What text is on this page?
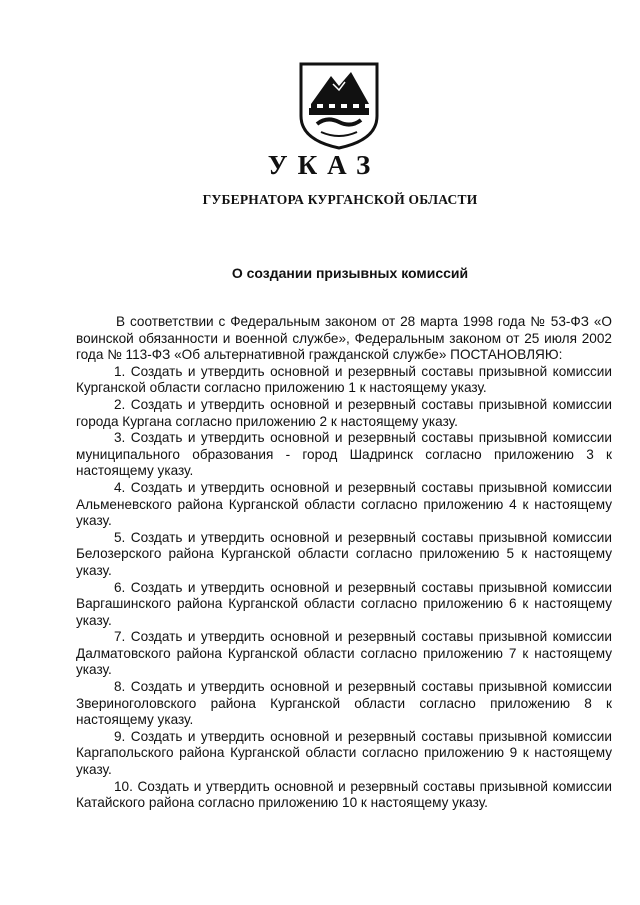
УКАЗ
ГУБЕРНАТОРА КУРГАНСКОЙ ОБЛАСТИ
О создании призывных комиссий

В соответствии с Федеральным законом от 28 марта 1998 года № 53-ФЗ «О воинской обязанности и военной службе», Федеральным законом от 25 июля 2002 года № 113-ФЗ «Об альтернативной гражданской службе» ПОСТАНОВЛЯЮ:

1. Создать и утвердить основной и резервный составы призывной комиссии Курганской области согласно приложению 1 к настоящему указу.

2. Создать и утвердить основной и резервный составы призывной комиссии города Кургана согласно приложению 2 к настоящему указу.

3. Создать и утвердить основной и резервный составы призывной комиссии муниципального образования - город Шадринск согласно приложению 3 к настоящему указу.

4. Создать и утвердить основной и резервный составы призывной комиссии Альменевского района Курганской области согласно приложению 4 к настоящему указу.

5. Создать и утвердить основной и резервный составы призывной комиссии Белозерского района Курганской области согласно приложению 5 к настоящему указу.

6. Создать и утвердить основной и резервный составы призывной комиссии Варгашинского района Курганской области согласно приложению 6 к настоящему указу.

7. Создать и утвердить основной и резервный составы призывной комиссии Далматовского района Курганской области согласно приложению 7 к настоящему указу.

8. Создать и утвердить основной и резервный составы призывной комиссии Звериноголовского района Курганской области согласно приложению 8 к настоящему указу.

9. Создать и утвердить основной и резервный составы призывной комиссии Каргапольского района Курганской области согласно приложению 9 к настоящему указу.

10. Создать и утвердить основной и резервный составы призывной комиссии Катайского района согласно приложению 10 к настоящему указу.
